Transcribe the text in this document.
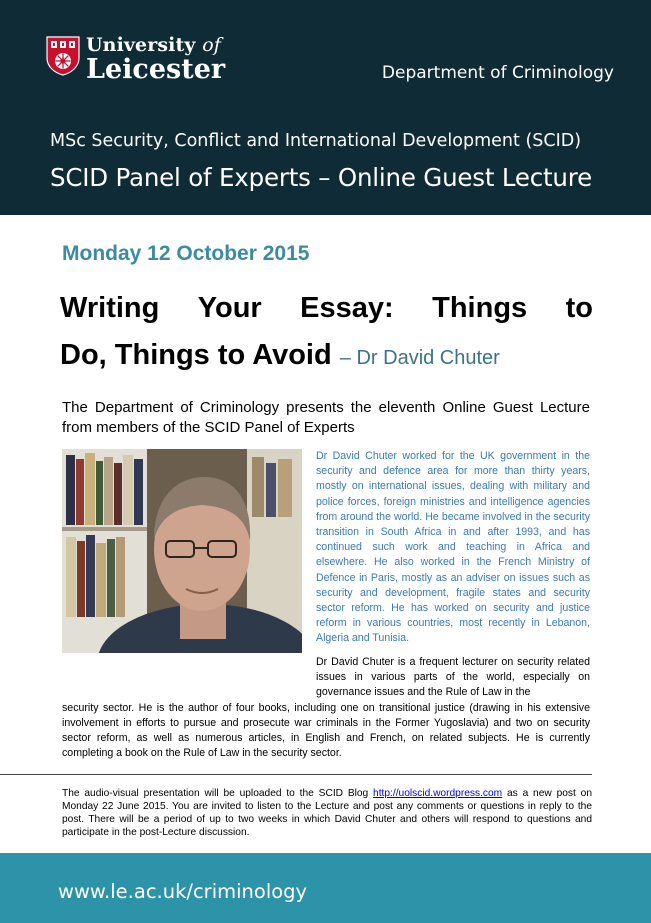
University of
Leicester	Department of Criminology
MSc Security, Conflict and International Development (SCID)
SCID Panel of Experts – Online Guest Lecture
Monday 12 October 2015
Writing Your Essay: Things to
Do, Things to Avoid – Dr David Chuter
The Department of Criminology presents the eleventh Online Guest Lecture from members of the SCID Panel of Experts

Dr David Chuter worked for the UK government in the security and defence area for more than thirty years, mostly on international issues, dealing with military and police forces, foreign ministries and intelligence agencies from around the world. He became involved in the security transition in South Africa in and after 1993, and has continued such work and teaching in Africa and elsewhere. He also worked in the French Ministry of Defence in Paris, mostly as an adviser on issues such as security and development, fragile states and security sector reform. He has worked on security and justice reform in various countries, most recently in Lebanon, Algeria and Tunisia.

Dr David Chuter is a frequent lecturer on security related issues in various parts of the world, especially on governance issues and the Rule of Law in the
security sector. He is the author of four books, including one on transitional justice (drawing in his extensive involvement in efforts to pursue and prosecute war criminals in the Former Yugoslavia) and two on security sector reform, as well as numerous articles, in English and French, on related subjects. He is currently completing a book on the Rule of Law in the security sector.

The audio-visual presentation will be uploaded to the SCID Blog http://uolscid.wordpress.com as a new post on Monday 22 June 2015. You are invited to listen to the Lecture and post any comments or questions in reply to the post. There will be a period of up to two weeks in which David Chuter and others will respond to questions and participate in the post-Lecture discussion.

www.le.ac.uk/criminology
